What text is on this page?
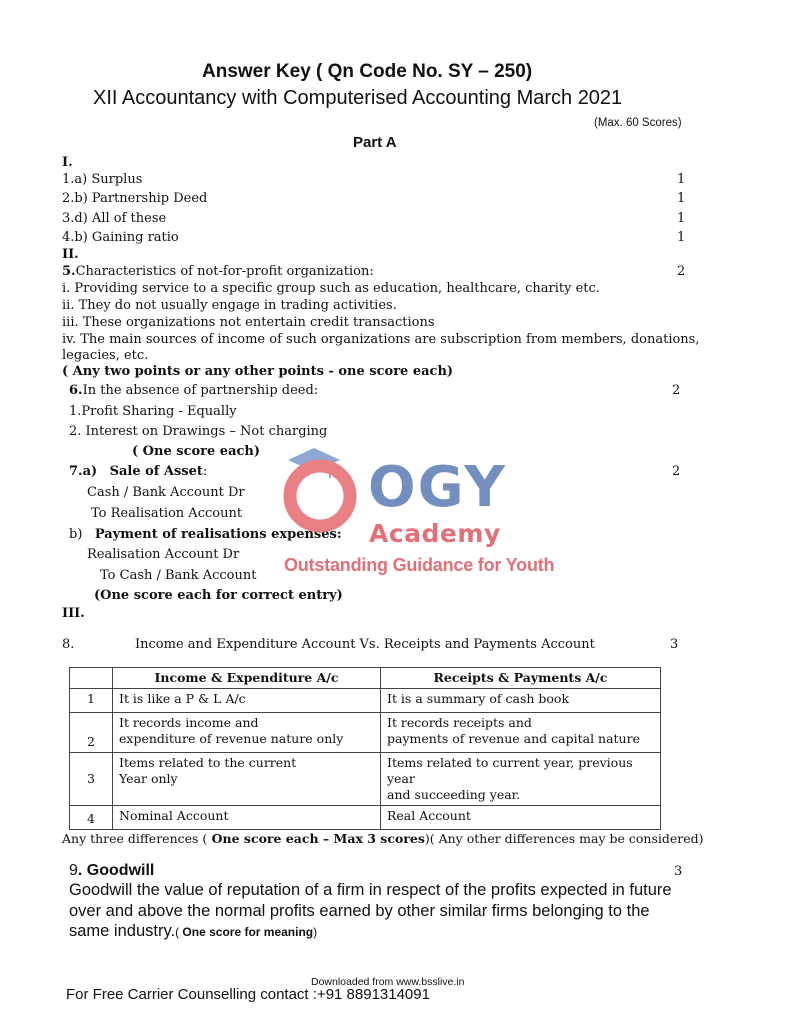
Answer Key ( Qn Code No. SY – 250)
XII Accountancy with Computerised Accounting March 2021
(Max. 60 Scores)
Part A
I.
1.a) Surplus	1
2.b) Partnership Deed	1
3.d) All of these	1
4.b) Gaining ratio	1
II.
5.Characteristics of not-for-profit organization:	2
i. Providing service to a specific group such as education, healthcare, charity etc.
ii. They do not usually engage in trading activities.
iii. These organizations not entertain credit transactions
iv. The main sources of income of such organizations are subscription from members, donations,
legacies, etc.
( Any two points or any other points - one score each)
6.In the absence of partnership deed:	2
1.Profit Sharing - Equally
2. Interest on Drawings – Not charging
( One score each)
7.a) Sale of Asset:	2
Cash / Bank Account Dr
To Realisation Account
b) Payment of realisations expenses:
Realisation Account Dr
To Cash / Bank Account
(One score each for correct entry)
III.
8.	Income and Expenditure Account Vs. Receipts and Payments Account	3
	Income & Expenditure A/c	Receipts & Payments A/c
1	It is like a P & L A/c	It is a summary of cash book
2	It records income and
expenditure of revenue nature only	It records receipts and
payments of revenue and capital nature
3	Items related to the current
Year only	Items related to current year, previous year
and succeeding year.
4	Nominal Account	Real Account
Any three differences ( One score each – Max 3 scores)( Any other differences may be considered)
9. Goodwill	3
Goodwill the value of reputation of a firm in respect of the profits expected in future
over and above the normal profits earned by other similar firms belonging to the
same industry.( One score for meaning)
Downloaded from www.bsslive.in
For Free Carrier Counselling contact :+91 8891314091
OGY
Academy
Outstanding Guidance for Youth
